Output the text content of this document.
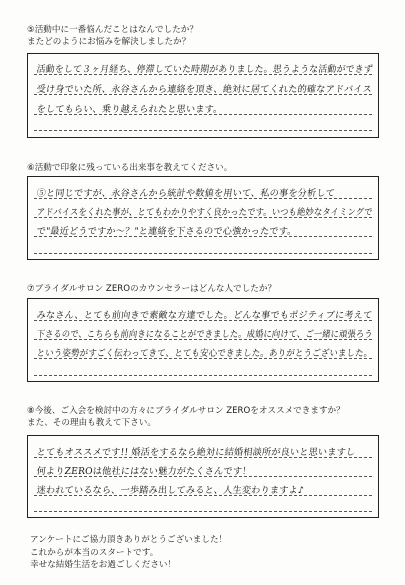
⑤活動中に一番悩んだことはなんでしたか？
またどのようにお悩みを解決しましたか？
活動をして３ヶ月経ち、停滞していた時期がありました。思うような活動ができず
受け身でいた所、永谷さんから連絡を頂き、絶対に居てくれた的確なアドバイス
をしてもらい、乗り越えられたと思います。
⑥活動で印象に残っている出来事を教えてください。
⑤と同じですが、永谷さんから統計や数値を用いて、私の事を分析して
アドバイスをくれた事が、とてもわかりやすく良かったです。いつも絶妙なタイミングで
で"最近どうですか～？"と連絡を下さるので心強かったです。
⑦ブライダルサロン ZEROのカウンセラーはどんな人でしたか？
みなさん、とても前向きで素敵な方達でした。どんな事でもポジティブに考えて
下さるので、こちらも前向きになることができました。成婚に向けて、ご一緒に頑張ろう
という姿勢がすごく伝わってきて、とても安心できました。ありがとうございました。
⑧今後、ご入会を検討中の方々にブライダルサロン ZEROをオススメできますか？
また、その理由も教えて下さい。
とてもオススメです!! 婚活をするなら絶対に結婚相談所が良いと思いますし
何よりZEROは他社にはない魅力がたくさんです！
迷われているなら、一歩踏み出してみると、人生変わりますよ♪
アンケートにご協力頂きありがとうございました！
これからが本当のスタートです。
幸せな結婚生活をお過ごしください！
